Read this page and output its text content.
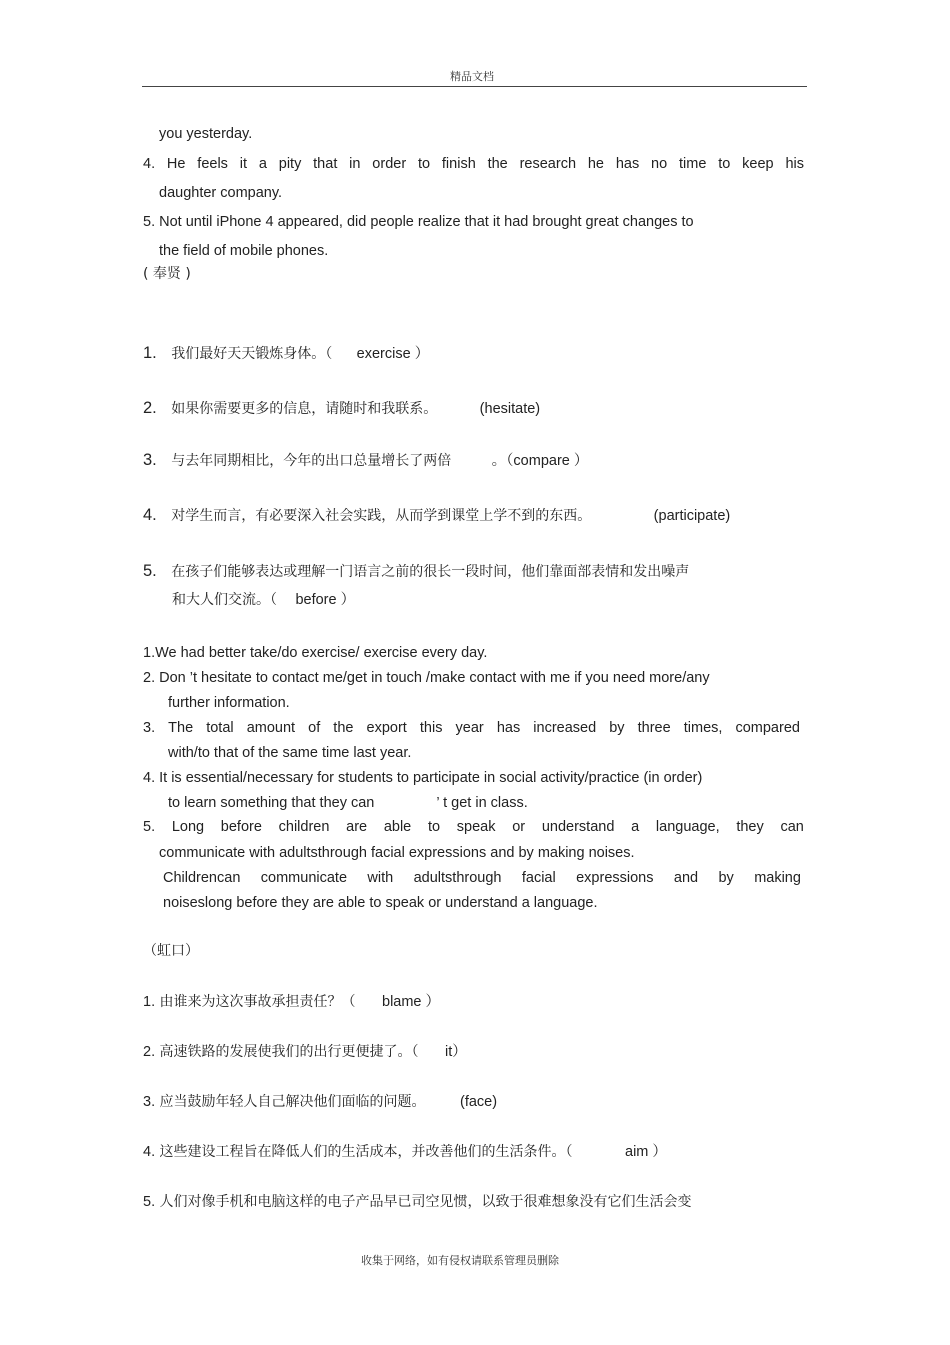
精品文档
you yesterday.
4. He feels it a pity that in order to finish the research he has no time to keep his
daughter company.
5. Not until iPhone 4 appeared, did people realize that it had brought great changes to
the field of mobile phones.
( 奉贤 )
1. 我们最好天天锻炼身体。（ exercise ）
2. 如果你需要更多的信息，请随时和我联系。	(hesitate)
3. 与去年同期相比，今年的出口总量增长了两倍	。（compare ）
4. 对学生而言，有必要深入社会实践，从而学到课堂上学不到的东西。	(participate)
5. 在孩子们能够表达或理解一门语言之前的很长一段时间，他们靠面部表情和发出噪声
和大人们交流。（ before ）
1.We had better take/do exercise/ exercise every day.
2. Don ’t hesitate to contact me/get in touch /make contact with me if you need more/any
further information.
3. The total amount of the export this year has increased by three times, compared
with/to that of the same time last year.
4. It is essential/necessary for students to participate in social activity/practice (in order)
to learn something that they can	’ t get in class.
5. Long before children are able to speak or understand a language, they can
communicate with adultsthrough facial expressions and by making noises.
Childrencan communicate with adultsthrough facial expressions and by making
noiseslong before they are able to speak or understand a language.
（虹口）
1. 由谁来为这次事故承担责任？（ blame ）
2. 高速铁路的发展使我们的出行更便捷了。（ it）
3. 应当鼓励年轻人自己解决他们面临的问题。 (face)
4. 这些建设工程旨在降低人们的生活成本，并改善他们的生活条件。（	aim ）
5. 人们对像手机和电脑这样的电子产品早已司空见惯，以致于很难想象没有它们生活会变
收集于网络，如有侵权请联系管理员删除
